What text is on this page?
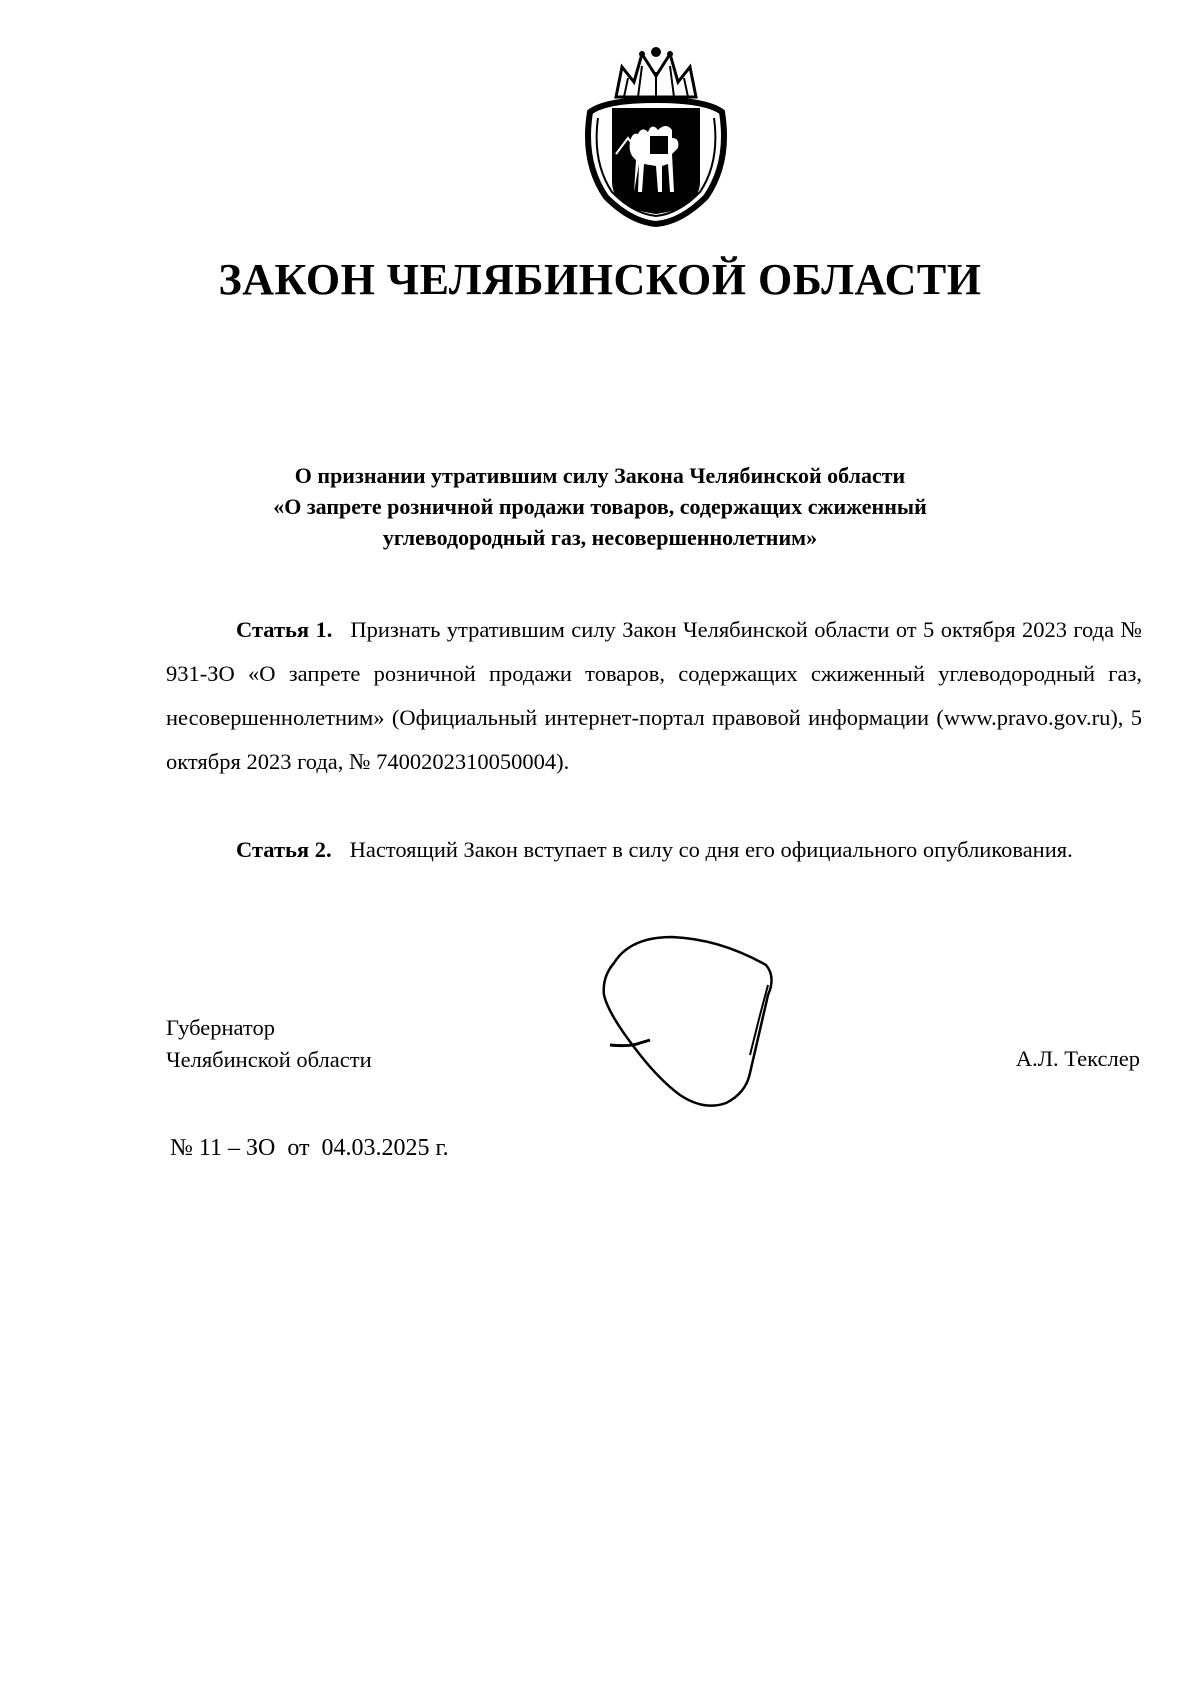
ЗАКОН ЧЕЛЯБИНСКОЙ ОБЛАСТИ
О признании утратившим силу Закона Челябинской области
«О запрете розничной продажи товаров, содержащих сжиженный
углеводородный газ, несовершеннолетним»

Статья 1. Признать утратившим силу Закон Челябинской области от 5 октября 2023 года № 931-ЗО «О запрете розничной продажи товаров, содержащих сжиженный углеводородный газ, несовершеннолетним» (Официальный интернет-портал правовой информации (www.pravo.gov.ru), 5 октября 2023 года, № 7400202310050004).

Статья 2. Настоящий Закон вступает в силу со дня его официального опубликования.

Губернатор
Челябинской области	А.Л. Текслер
№ 11 – ЗО  от  04.03.2025 г.
